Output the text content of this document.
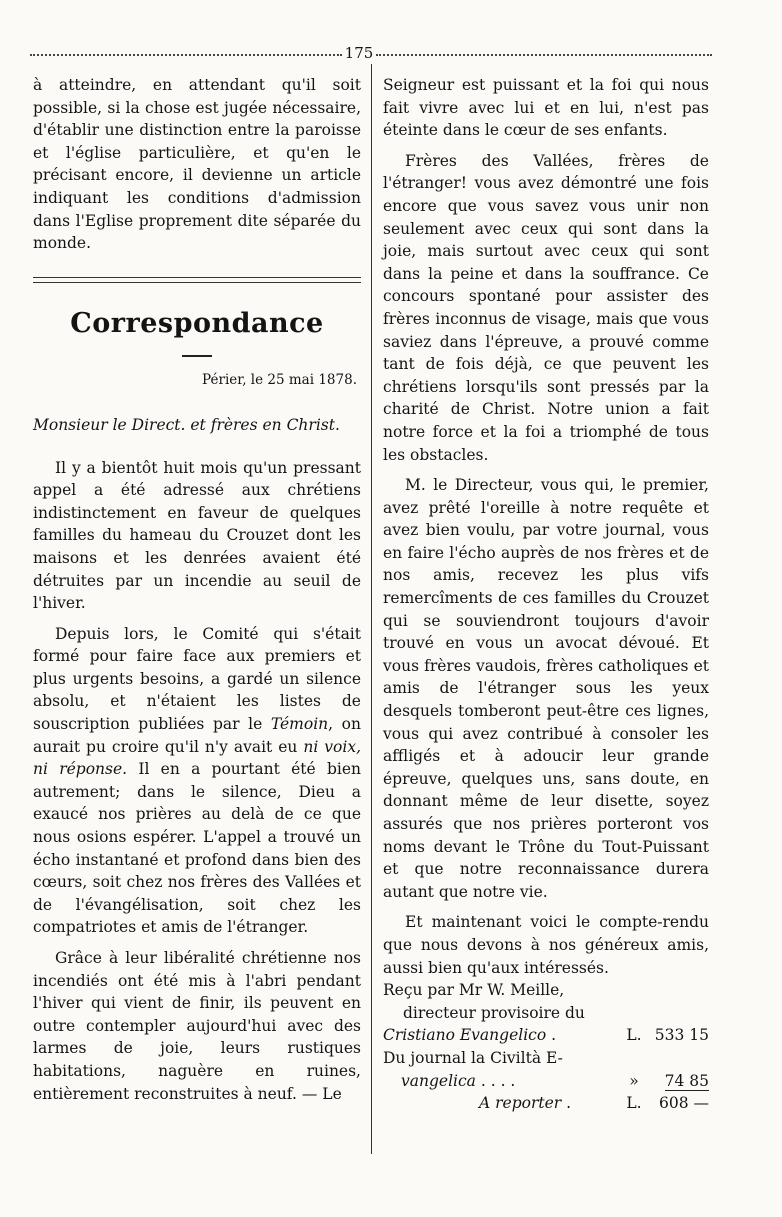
175

à atteindre, en attendant qu'il soit possible, si la chose est jugée nécessaire, d'établir une distinction entre la paroisse et l'église particulière, et qu'en le précisant encore, il devienne un article indiquant les conditions d'admission dans l'Eglise proprement dite séparée du monde.

Correspondance
Périer, le 25 mai 1878.

Monsieur le Direct. et frères en Christ.

Il y a bientôt huit mois qu'un pressant appel a été adressé aux chrétiens indistinctement en faveur de quelques familles du hameau du Crouzet dont les maisons et les denrées avaient été détruites par un incendie au seuil de l'hiver.

Depuis lors, le Comité qui s'était formé pour faire face aux premiers et plus urgents besoins, a gardé un silence absolu, et n'étaient les listes de souscription publiées par le Témoin, on aurait pu croire qu'il n'y avait eu ni voix, ni réponse. Il en a pourtant été bien autrement; dans le silence, Dieu a exaucé nos prières au delà de ce que nous osions espérer. L'appel a trouvé un écho instantané et profond dans bien des cœurs, soit chez nos frères des Vallées et de l'évangélisation, soit chez les compatriotes et amis de l'étranger.

Grâce à leur libéralité chrétienne nos incendiés ont été mis à l'abri pendant l'hiver qui vient de finir, ils peuvent en outre contempler aujourd'hui avec des larmes de joie, leurs rustiques habitations, naguère en ruines, entièrement reconstruites à neuf. — Le

Seigneur est puissant et la foi qui nous fait vivre avec lui et en lui, n'est pas éteinte dans le cœur de ses enfants.

Frères des Vallées, frères de l'étranger! vous avez démontré une fois encore que vous savez vous unir non seulement avec ceux qui sont dans la joie, mais surtout avec ceux qui sont dans la peine et dans la souffrance. Ce concours spontané pour assister des frères inconnus de visage, mais que vous saviez dans l'épreuve, a prouvé comme tant de fois déjà, ce que peuvent les chrétiens lorsqu'ils sont pressés par la charité de Christ. Notre union a fait notre force et la foi a triomphé de tous les obstacles.

M. le Directeur, vous qui, le premier, avez prêté l'oreille à notre requête et avez bien voulu, par votre journal, vous en faire l'écho auprès de nos frères et de nos amis, recevez les plus vifs remercîments de ces familles du Crouzet qui se souviendront toujours d'avoir trouvé en vous un avocat dévoué. Et vous frères vaudois, frères catholiques et amis de l'étranger sous les yeux desquels tomberont peut-être ces lignes, vous qui avez contribué à consoler les affligés et à adoucir leur grande épreuve, quelques uns, sans doute, en donnant même de leur disette, soyez assurés que nos prières porteront vos noms devant le Trône du Tout-Puissant et que notre reconnaissance durera autant que notre vie.

Et maintenant voici le compte-rendu que nous devons à nos généreux amis, aussi bien qu'aux intéressés.

Reçu par Mr W. Meille,
directeur provisoire du
Cristiano Evangelico .	L. 533 15
Du journal la Civiltà E-
vangelica . . . .	»	74 85
A reporter .	L.	608 —
